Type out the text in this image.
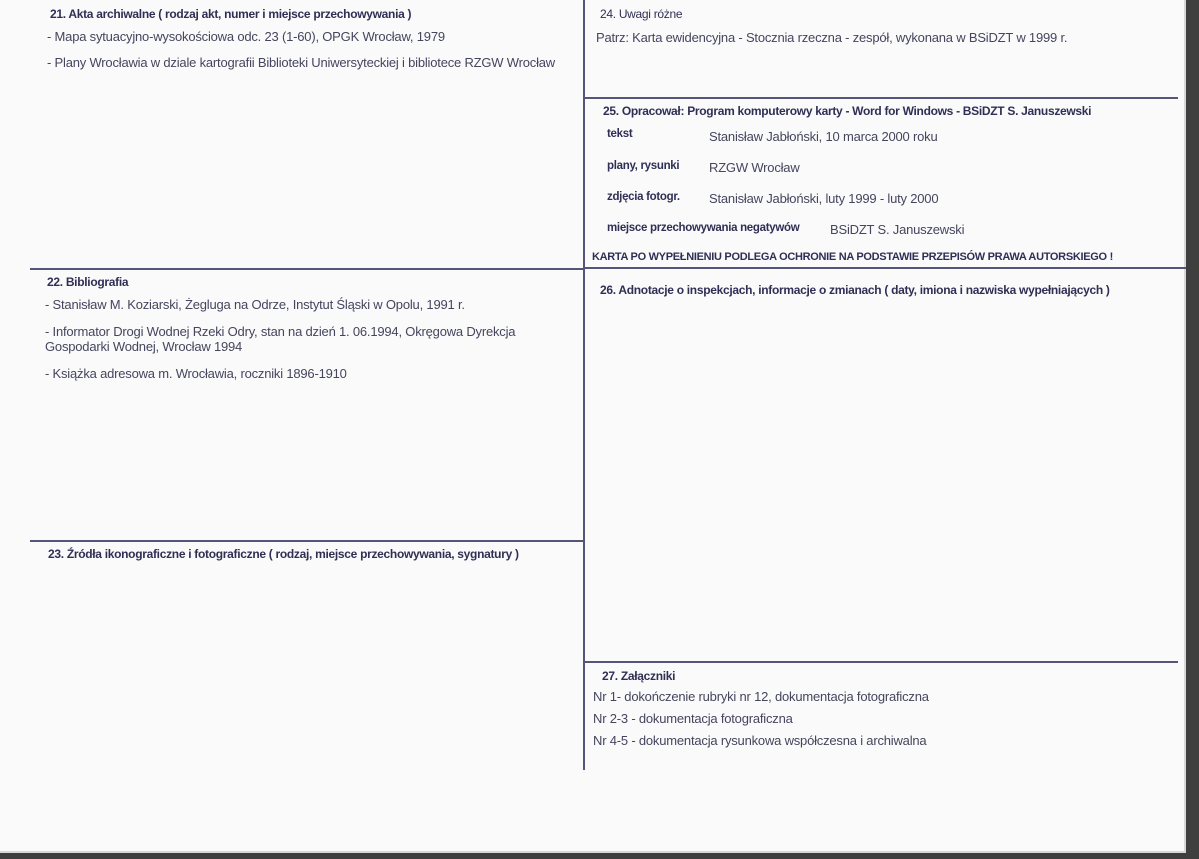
21. Akta archiwalne ( rodzaj akt, numer i miejsce przechowywania )
- Mapa sytuacyjno-wysokościowa odc. 23 (1-60), OPGK Wrocław, 1979
- Plany Wrocławia w dziale kartografii Biblioteki Uniwersyteckiej i bibliotece RZGW Wrocław
24. Uwagi różne
Patrz: Karta ewidencyjna - Stocznia rzeczna - zespół, wykonana w BSiDZT w 1999 r.
25. Opracował: Program komputerowy karty - Word for Windows - BSiDZT S. Januszewski
tekst	Stanisław Jabłoński, 10 marca 2000 roku
plany, rysunki RZGW Wrocław
zdjęcia fotogr. Stanisław Jabłoński, luty 1999 - luty 2000
miejsce przechowywania negatywów BSiDZT S. Januszewski
KARTA PO WYPEŁNIENIU PODLEGA OCHRONIE NA PODSTAWIE PRZEPISÓW PRAWA AUTORSKIEGO !
22. Bibliografia
- Stanisław M. Koziarski, Żegluga na Odrze, Instytut Śląski w Opolu, 1991 r.
- Informator Drogi Wodnej Rzeki Odry, stan na dzień 1. 06.1994, Okręgowa Dyrekcja Gospodarki Wodnej, Wrocław 1994
- Książka adresowa m. Wrocławia, roczniki 1896-1910
26. Adnotacje o inspekcjach, informacje o zmianach ( daty, imiona i nazwiska wypełniających )
23. Źródła ikonograficzne i fotograficzne ( rodzaj, miejsce przechowywania, sygnatury )
27. Załączniki
Nr 1- dokończenie rubryki nr 12, dokumentacja fotograficzna
Nr 2-3 - dokumentacja fotograficzna
Nr 4-5 - dokumentacja rysunkowa współczesna i archiwalna
